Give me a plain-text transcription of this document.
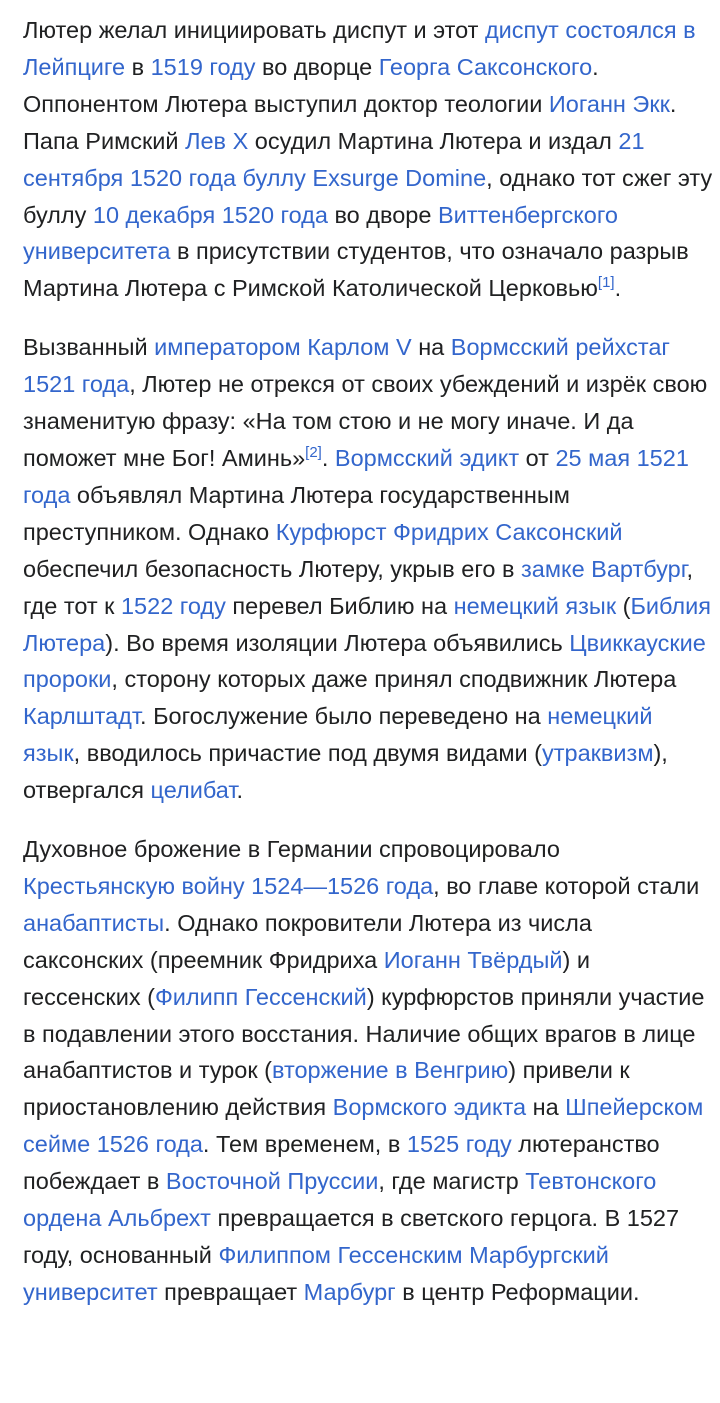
Лютер желал инициировать диспут и этот диспут состоялся в Лейпциге в 1519 году во дворце Георга Саксонского. Оппонентом Лютера выступил доктор теологии Иоганн Экк. Папа Римский Лев X осудил Мартина Лютера и издал 21 сентября 1520 года буллу Exsurge Domine, однако тот сжег эту буллу 10 декабря 1520 года во дворе Виттенбергского университета в присутствии студентов, что означало разрыв Мартина Лютера с Римской Католической Церковью[1].

Вызванный императором Карлом V на Вормсский рейхстаг 1521 года, Лютер не отрекся от своих убеждений и изрёк свою знаменитую фразу: «На том стою и не могу иначе. И да поможет мне Бог! Аминь»[2]. Вормсский эдикт от 25 мая 1521 года объявлял Мартина Лютера государственным преступником. Однако Курфюрст Фридрих Саксонский обеспечил безопасность Лютеру, укрыв его в замке Вартбург, где тот к 1522 году перевел Библию на немецкий язык (Библия Лютера). Во время изоляции Лютера объявились Цвиккауские пророки, сторону которых даже принял сподвижник Лютера Карлштадт. Богослужение было переведено на немецкий язык, вводилось причастие под двумя видами (утраквизм), отвергался целибат.

Духовное брожение в Германии спровоцировало Крестьянскую войну 1524—1526 года, во главе которой стали анабаптисты. Однако покровители Лютера из числа саксонских (преемник Фридриха Иоганн Твёрдый) и гессенских (Филипп Гессенский) курфюрстов приняли участие в подавлении этого восстания. Наличие общих врагов в лице анабаптистов и турок (вторжение в Венгрию) привели к приостановлению действия Вормского эдикта на Шпейерском сейме 1526 года. Тем временем, в 1525 году лютеранство побеждает в Восточной Пруссии, где магистр Тевтонского ордена Альбрехт превращается в светского герцога. В 1527 году, основанный Филиппом Гессенским Марбургский университет превращает Марбург в центр Реформации.
